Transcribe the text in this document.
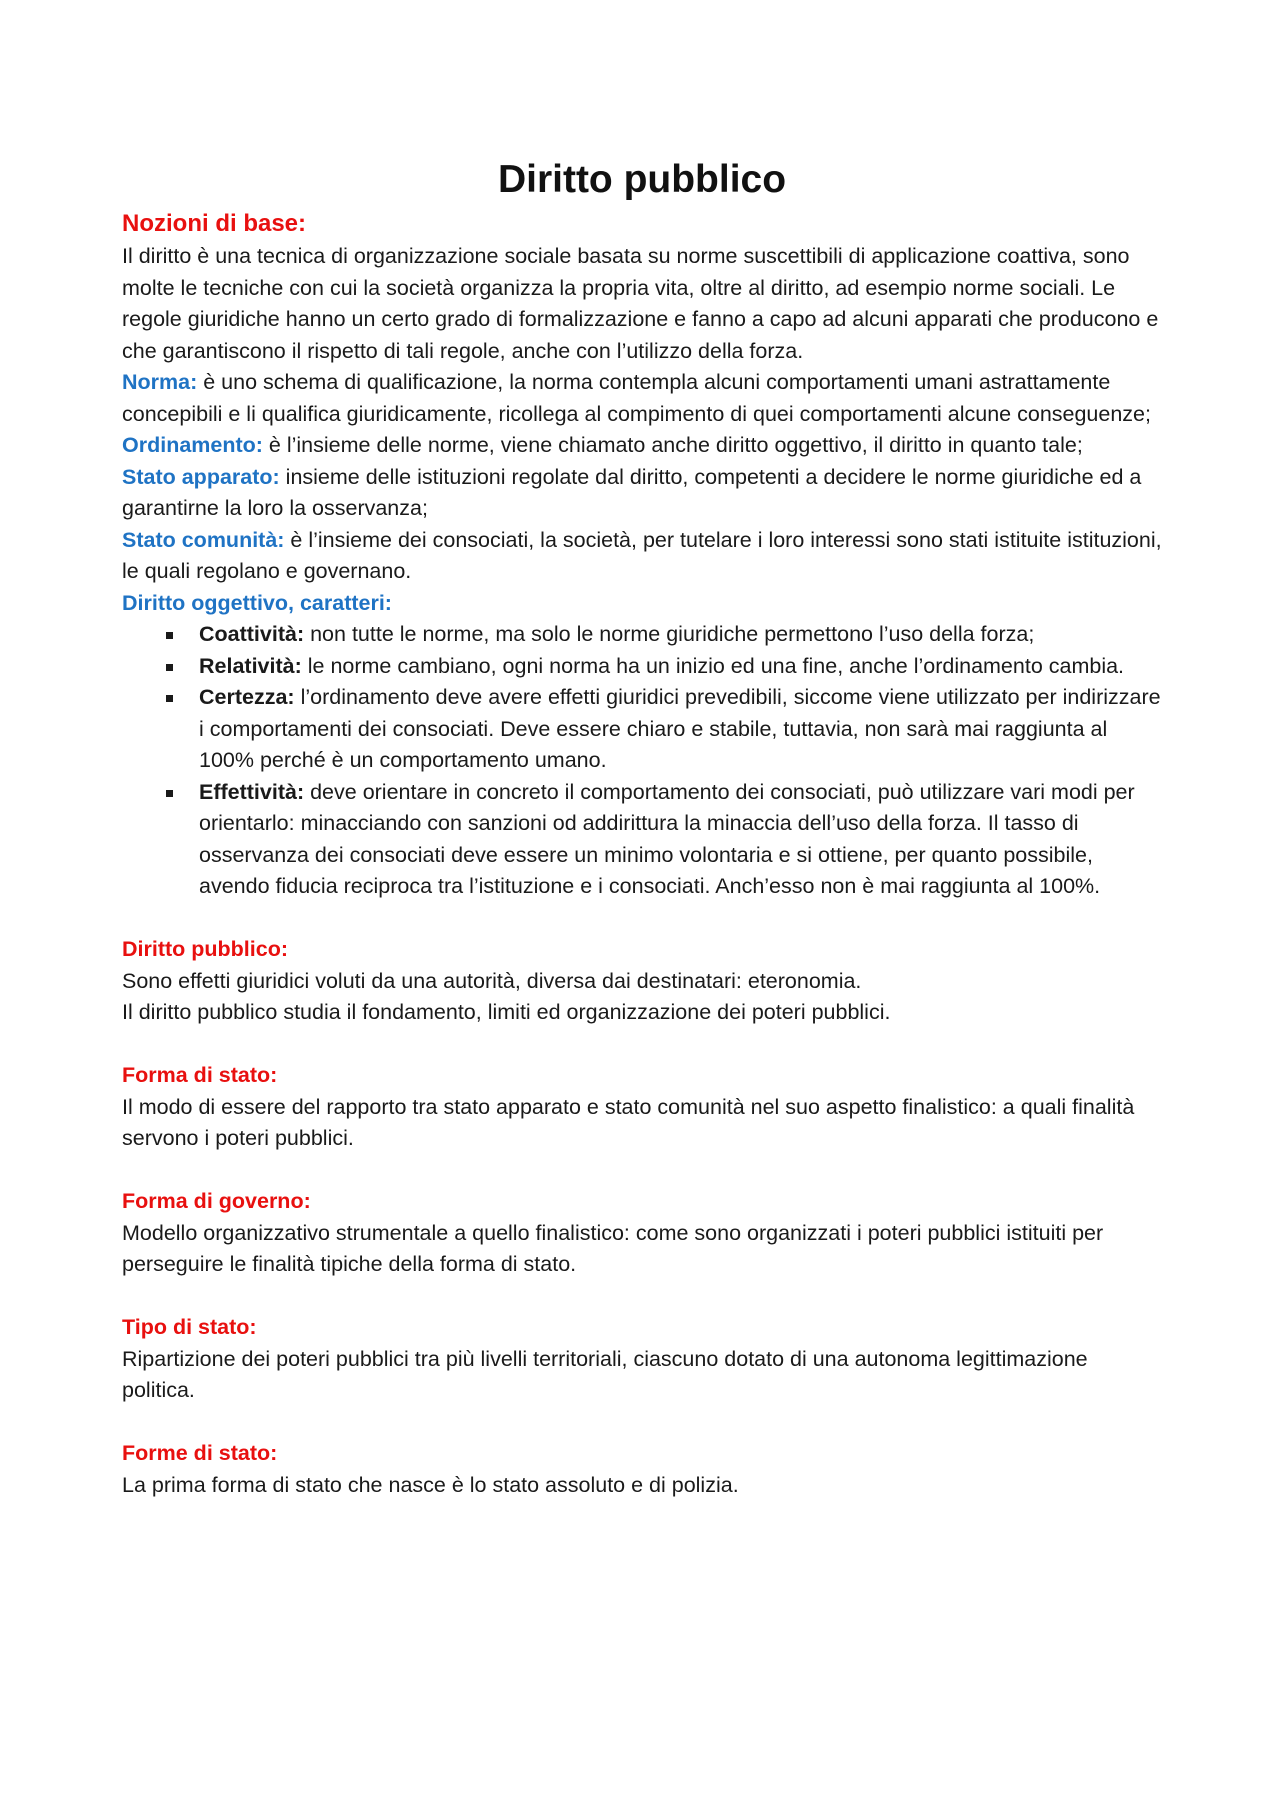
Diritto pubblico

Nozioni di base:

Il diritto è una tecnica di organizzazione sociale basata su norme suscettibili di applicazione coattiva, sono molte le tecniche con cui la società organizza la propria vita, oltre al diritto, ad esempio norme sociali. Le regole giuridiche hanno un certo grado di formalizzazione e fanno a capo ad alcuni apparati che producono e che garantiscono il rispetto di tali regole, anche con l’utilizzo della forza.

Norma: è uno schema di qualificazione, la norma contempla alcuni comportamenti umani astrattamente concepibili e li qualifica giuridicamente, ricollega al compimento di quei comportamenti alcune conseguenze;

Ordinamento: è l’insieme delle norme, viene chiamato anche diritto oggettivo, il diritto in quanto tale;

Stato apparato: insieme delle istituzioni regolate dal diritto, competenti a decidere le norme giuridiche ed a garantirne la loro la osservanza;

Stato comunità: è l’insieme dei consociati, la società, per tutelare i loro interessi sono stati istituite istituzioni, le quali regolano e governano.

Diritto oggettivo, caratteri:

Coattività: non tutte le norme, ma solo le norme giuridiche permettono l’uso della forza;
Relatività: le norme cambiano, ogni norma ha un inizio ed una fine, anche l’ordinamento cambia.
Certezza: l’ordinamento deve avere effetti giuridici prevedibili, siccome viene utilizzato per indirizzare i comportamenti dei consociati. Deve essere chiaro e stabile, tuttavia, non sarà mai raggiunta al 100% perché è un comportamento umano.
Effettività: deve orientare in concreto il comportamento dei consociati, può utilizzare vari modi per orientarlo: minacciando con sanzioni od addirittura la minaccia dell’uso della forza. Il tasso di osservanza dei consociati deve essere un minimo volontaria e si ottiene, per quanto possibile, avendo fiducia reciproca tra l’istituzione e i consociati. Anch’esso non è mai raggiunta al 100%.

Diritto pubblico:

Sono effetti giuridici voluti da una autorità, diversa dai destinatari: eteronomia.

Il diritto pubblico studia il fondamento, limiti ed organizzazione dei poteri pubblici.

Forma di stato:

Il modo di essere del rapporto tra stato apparato e stato comunità nel suo aspetto finalistico: a quali finalità servono i poteri pubblici.

Forma di governo:

Modello organizzativo strumentale a quello finalistico: come sono organizzati i poteri pubblici istituiti per perseguire le finalità tipiche della forma di stato.

Tipo di stato:

Ripartizione dei poteri pubblici tra più livelli territoriali, ciascuno dotato di una autonoma legittimazione politica.

Forme di stato:

La prima forma di stato che nasce è lo stato assoluto e di polizia.
